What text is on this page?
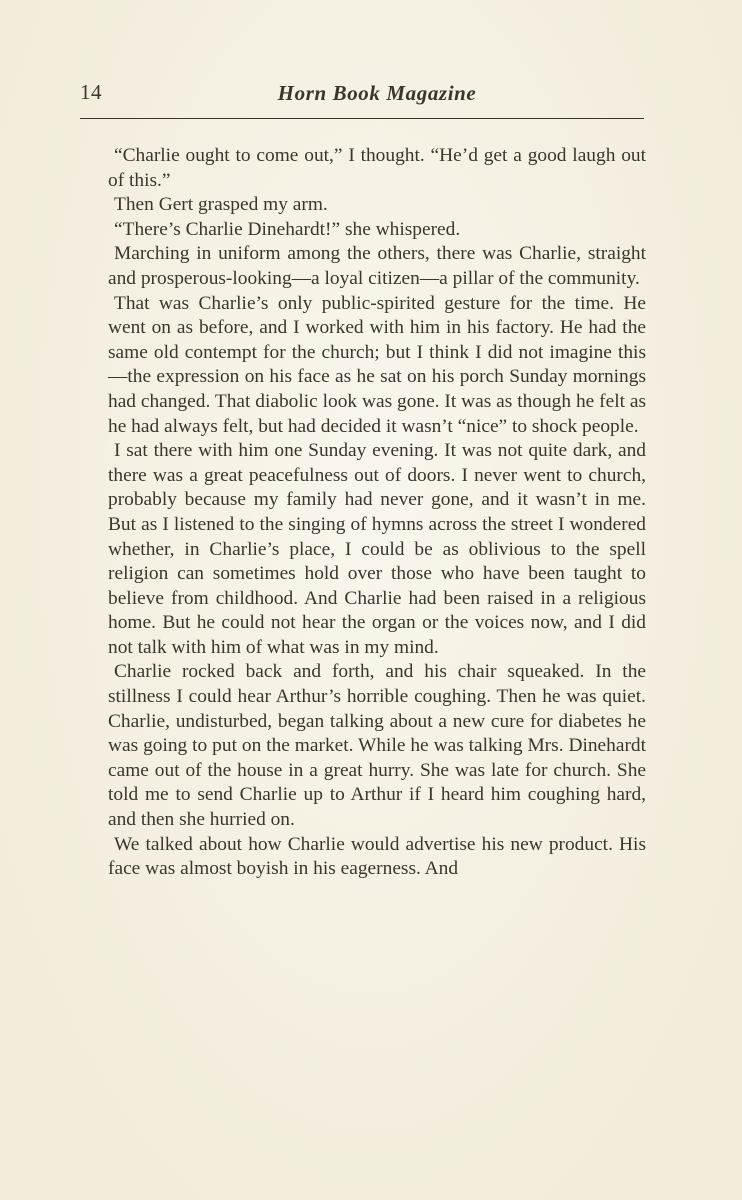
14	Horn Book Magazine

“Charlie ought to come out,” I thought. “He’d get a good laugh out of this.”

Then Gert grasped my arm.

“There’s Charlie Dinehardt!” she whispered.

Marching in uniform among the others, there was Charlie, straight and prosperous-looking—a loyal citizen—a pillar of the community.

That was Charlie’s only public-spirited gesture for the time. He went on as before, and I worked with him in his factory. He had the same old contempt for the church; but I think I did not imagine this—the expression on his face as he sat on his porch Sunday mornings had changed. That diabolic look was gone. It was as though he felt as he had always felt, but had decided it wasn’t “nice” to shock people.

I sat there with him one Sunday evening. It was not quite dark, and there was a great peacefulness out of doors. I never went to church, probably because my family had never gone, and it wasn’t in me. But as I listened to the singing of hymns across the street I wondered whether, in Charlie’s place, I could be as oblivious to the spell religion can sometimes hold over those who have been taught to believe from childhood. And Charlie had been raised in a religious home. But he could not hear the organ or the voices now, and I did not talk with him of what was in my mind.

Charlie rocked back and forth, and his chair squeaked. In the stillness I could hear Arthur’s horrible coughing. Then he was quiet. Charlie, undisturbed, began talking about a new cure for diabetes he was going to put on the market. While he was talking Mrs. Dinehardt came out of the house in a great hurry. She was late for church. She told me to send Charlie up to Arthur if I heard him coughing hard, and then she hurried on.

We talked about how Charlie would advertise his new product. His face was almost boyish in his eagerness. And
